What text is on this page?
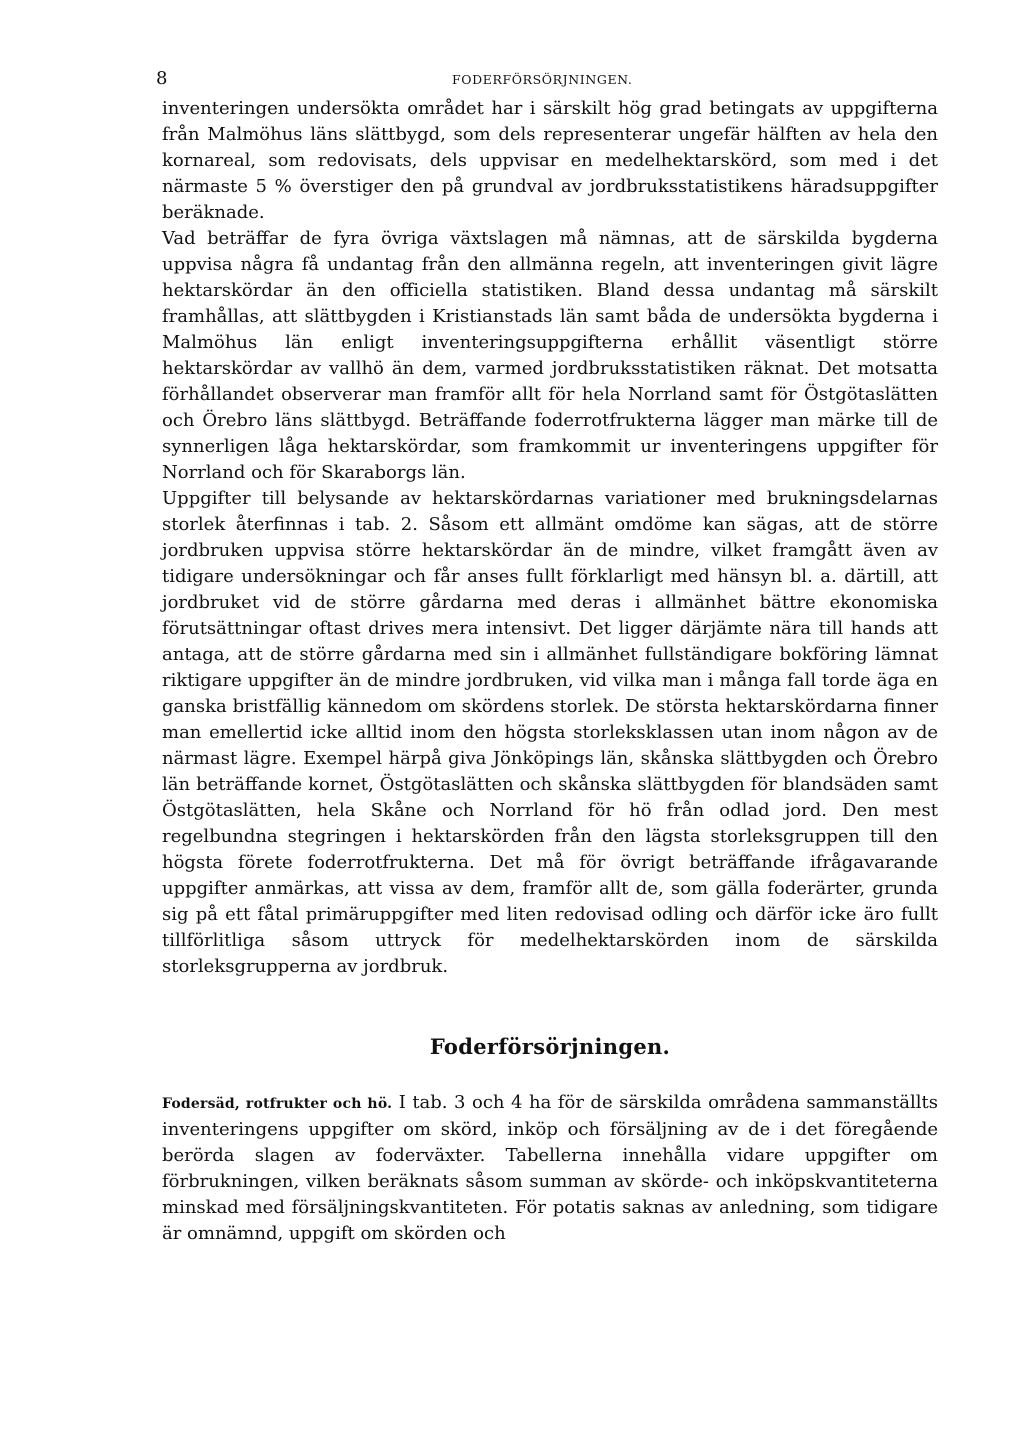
8	FODERFÖRSÖRJNINGEN.

inventeringen undersökta området har i särskilt hög grad betingats av uppgifterna från Malmöhus läns slättbygd, som dels representerar ungefär hälften av hela den kornareal, som redovisats, dels uppvisar en medelhektarskörd, som med i det närmaste 5 % överstiger den på grundval av jordbruksstatistikens häradsuppgifter beräknade.

Vad beträffar de fyra övriga växtslagen må nämnas, att de särskilda bygderna uppvisa några få undantag från den allmänna regeln, att inventeringen givit lägre hektarskördar än den officiella statistiken. Bland dessa undantag må särskilt framhållas, att slättbygden i Kristianstads län samt båda de undersökta bygderna i Malmöhus län enligt inventeringsuppgifterna erhållit väsentligt större hektarskördar av vallhö än dem, varmed jordbruksstatistiken räknat. Det motsatta förhållandet observerar man framför allt för hela Norrland samt för Östgötaslätten och Örebro läns slättbygd. Beträffande foderrotfrukterna lägger man märke till de synnerligen låga hektarskördar, som framkommit ur inventeringens uppgifter för Norrland och för Skaraborgs län.

Uppgifter till belysande av hektarskördarnas variationer med brukningsdelarnas storlek återfinnas i tab. 2. Såsom ett allmänt omdöme kan sägas, att de större jordbruken uppvisa större hektarskördar än de mindre, vilket framgått även av tidigare undersökningar och får anses fullt förklarligt med hänsyn bl. a. därtill, att jordbruket vid de större gårdarna med deras i allmänhet bättre ekonomiska förutsättningar oftast drives mera intensivt. Det ligger därjämte nära till hands att antaga, att de större gårdarna med sin i allmänhet fullständigare bokföring lämnat riktigare uppgifter än de mindre jordbruken, vid vilka man i många fall torde äga en ganska bristfällig kännedom om skördens storlek. De största hektarskördarna finner man emellertid icke alltid inom den högsta storleksklassen utan inom någon av de närmast lägre. Exempel härpå giva Jönköpings län, skånska slättbygden och Örebro län beträffande kornet, Östgötaslätten och skånska slättbygden för blandsäden samt Östgötaslätten, hela Skåne och Norrland för hö från odlad jord. Den mest regelbundna stegringen i hektarskörden från den lägsta storleksgruppen till den högsta förete foderrotfrukterna. Det må för övrigt beträffande ifrågavarande uppgifter anmärkas, att vissa av dem, framför allt de, som gälla foderärter, grunda sig på ett fåtal primäruppgifter med liten redovisad odling och därför icke äro fullt tillförlitliga såsom uttryck för medelhektarskörden inom de särskilda storleksgrupperna av jordbruk.

Foderförsörjningen.

Fodersäd, rotfrukter och hö. I tab. 3 och 4 ha för de särskilda områdena sammanställts inventeringens uppgifter om skörd, inköp och försäljning av de i det föregående berörda slagen av foderväxter. Tabellerna innehålla vidare uppgifter om förbrukningen, vilken beräknats såsom summan av skörde- och inköpskvantiteterna minskad med försäljningskvantiteten. För potatis saknas av anledning, som tidigare är omnämnd, uppgift om skörden och
